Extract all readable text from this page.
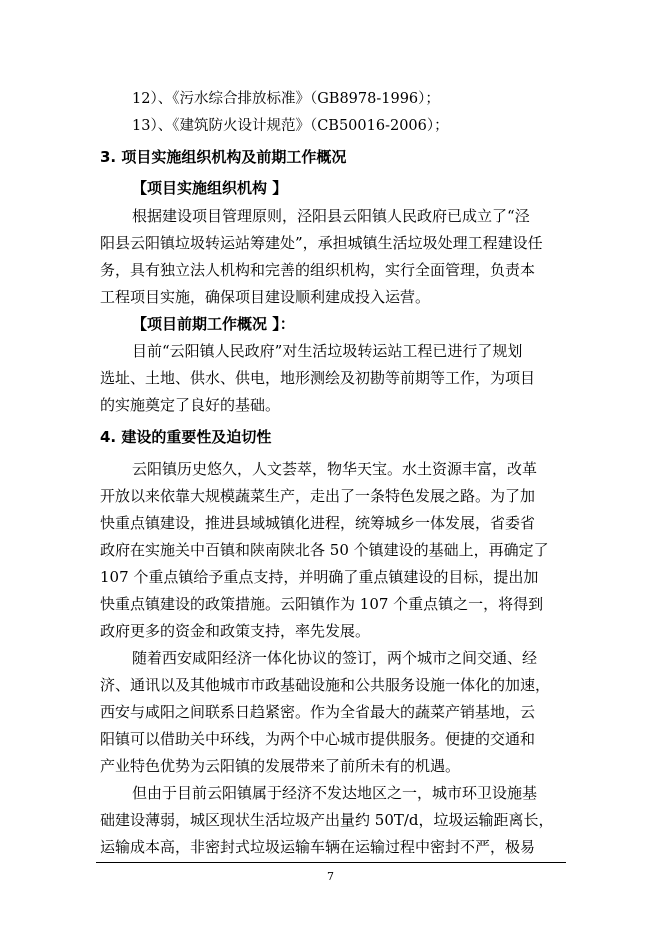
12）、《污水综合排放标准》（GB8978-1996）；
13）、《建筑防火设计规范》（CB50016-2006）；
3. 项目实施组织机构及前期工作概况
【项目实施组织机构 】
根据建设项目管理原则，泾阳县云阳镇人民政府已成立了“泾
阳县云阳镇垃圾转运站筹建处”，承担城镇生活垃圾处理工程建设任
务，具有独立法人机构和完善的组织机构，实行全面管理，负责本
工程项目实施，确保项目建设顺利建成投入运营。
【项目前期工作概况 】：
目前“云阳镇人民政府”对生活垃圾转运站工程已进行了规划
选址、土地、供水、供电，地形测绘及初勘等前期等工作，为项目
的实施奠定了良好的基础。
4. 建设的重要性及迫切性
云阳镇历史悠久，人文荟萃，物华天宝。水土资源丰富，改革
开放以来依靠大规模蔬菜生产，走出了一条特色发展之路。为了加
快重点镇建设，推进县域城镇化进程，统筹城乡一体发展，省委省
政府在实施关中百镇和陕南陕北各 50 个镇建设的基础上，再确定了
107 个重点镇给予重点支持，并明确了重点镇建设的目标，提出加
快重点镇建设的政策措施。云阳镇作为 107 个重点镇之一，将得到
政府更多的资金和政策支持，率先发展。
随着西安咸阳经济一体化协议的签订，两个城市之间交通、经
济、通讯以及其他城市市政基础设施和公共服务设施一体化的加速，
西安与咸阳之间联系日趋紧密。作为全省最大的蔬菜产销基地，云
阳镇可以借助关中环线，为两个中心城市提供服务。便捷的交通和
产业特色优势为云阳镇的发展带来了前所未有的机遇。
但由于目前云阳镇属于经济不发达地区之一，城市环卫设施基
础建设薄弱，城区现状生活垃圾产出量约 50T/d，垃圾运输距离长，
运输成本高，非密封式垃圾运输车辆在运输过程中密封不严，极易
7
